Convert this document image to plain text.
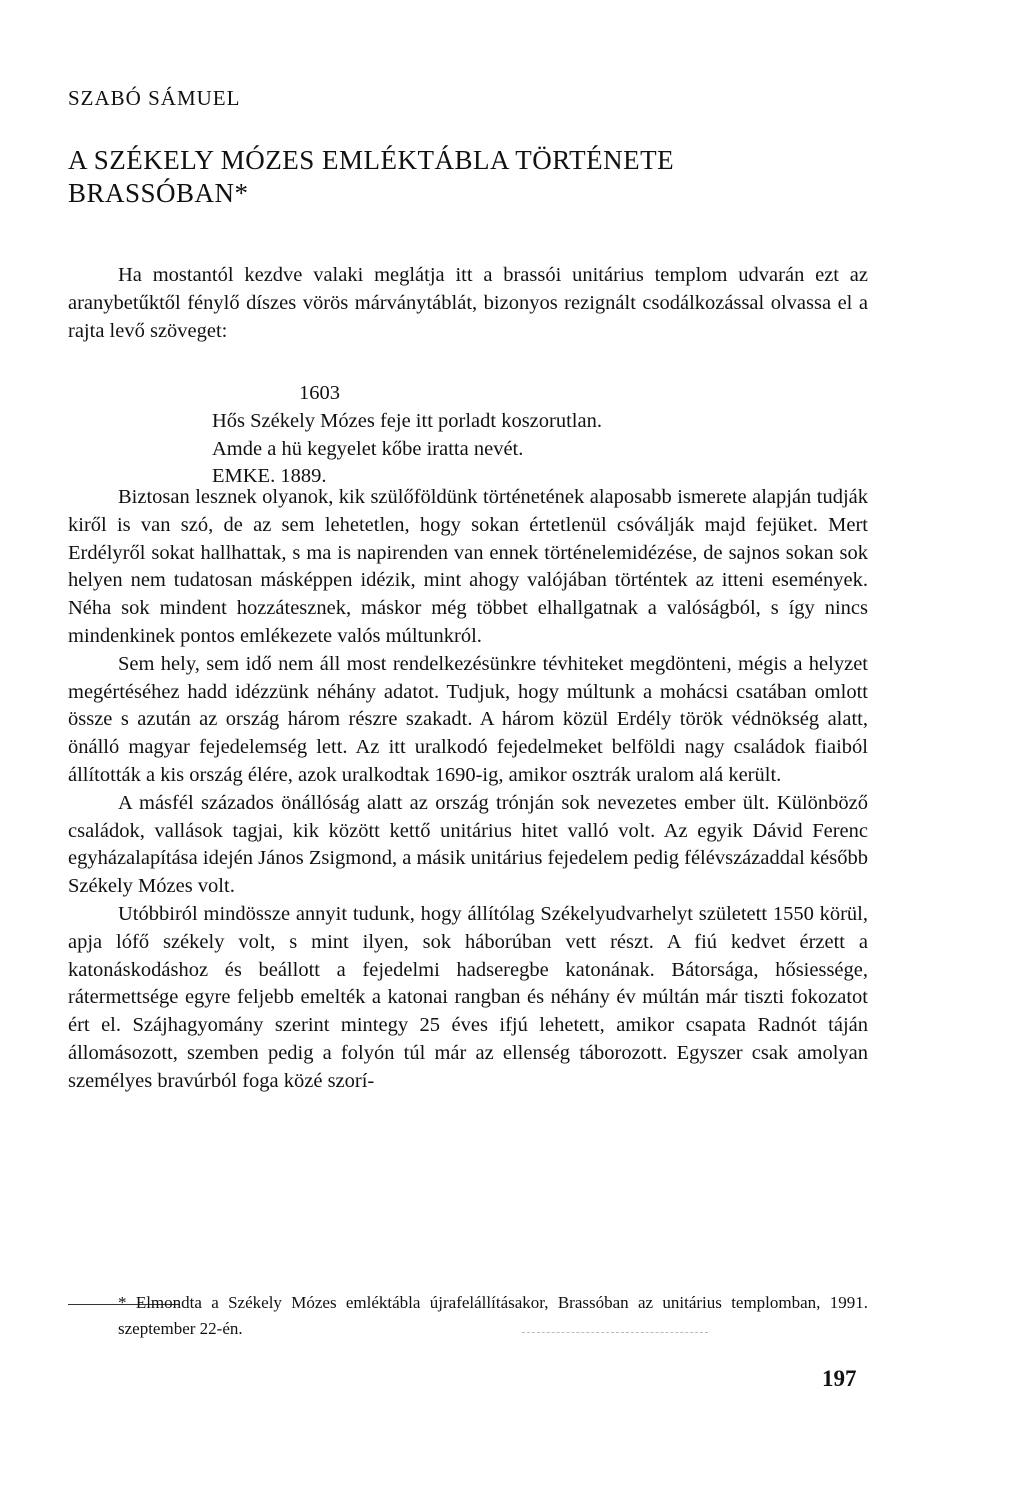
SZABÓ SÁMUEL
A SZÉKELY MÓZES EMLÉKTÁBLA TÖRTÉNETE
BRASSÓBAN*
Ha mostantól kezdve valaki meglátja itt a brassói unitárius templom udvarán ezt az aranybetűktől fénylő díszes vörös márványtáblát, bizonyos rezignált csodálkozással olvassa el a rajta levő szöveget:
1603
Hős Székely Mózes feje itt porladt koszorutlan.
Amde a hü kegyelet kőbe iratta nevét.
EMKE. 1889.

Biztosan lesznek olyanok, kik szülőföldünk történetének alaposabb ismerete alapján tudják kiről is van szó, de az sem lehetetlen, hogy sokan értetlenül csóválják majd fejüket. Mert Erdélyről sokat hallhattak, s ma is napirenden van ennek történelemidézése, de sajnos sokan sok helyen nem tudatosan másképpen idézik, mint ahogy valójában történtek az itteni események. Néha sok mindent hozzátesznek, máskor még többet elhallgatnak a valóságból, s így nincs mindenkinek pontos emlékezete valós múltunkról.

Sem hely, sem idő nem áll most rendelkezésünkre tévhiteket megdönteni, mégis a helyzet megértéséhez hadd idézzünk néhány adatot. Tudjuk, hogy múltunk a mohácsi csatában omlott össze s azután az ország három részre szakadt. A három közül Erdély török védnökség alatt, önálló magyar fejedelemség lett. Az itt uralkodó fejedelmeket belföldi nagy családok fiaiból állították a kis ország élére, azok uralkodtak 1690-ig, amikor osztrák uralom alá került.

A másfél százados önállóság alatt az ország trónján sok nevezetes ember ült. Különböző családok, vallások tagjai, kik között kettő unitárius hitet valló volt. Az egyik Dávid Ferenc egyházalapítása idején János Zsigmond, a másik unitárius fejedelem pedig félévszázaddal később Székely Mózes volt.

Utóbbiról mindössze annyit tudunk, hogy állítólag Székelyudvarhelyt született 1550 körül, apja lófő székely volt, s mint ilyen, sok háborúban vett részt. A fiú kedvet érzett a katonáskodáshoz és beállott a fejedelmi hadseregbe katonának. Bátorsága, hősiessége, rátermettsége egyre feljebb emelték a katonai rangban és néhány év múltán már tiszti fokozatot ért el. Szájhagyomány szerint mintegy 25 éves ifjú lehetett, amikor csapata Radnót táján állomásozott, szemben pedig a folyón túl már az ellenség táborozott. Egyszer csak amolyan személyes bravúrból foga közé szorí-

* Elmondta a Székely Mózes emléktábla újrafelállításakor, Brassóban az unitárius templomban, 1991. szeptember 22-én.

197
